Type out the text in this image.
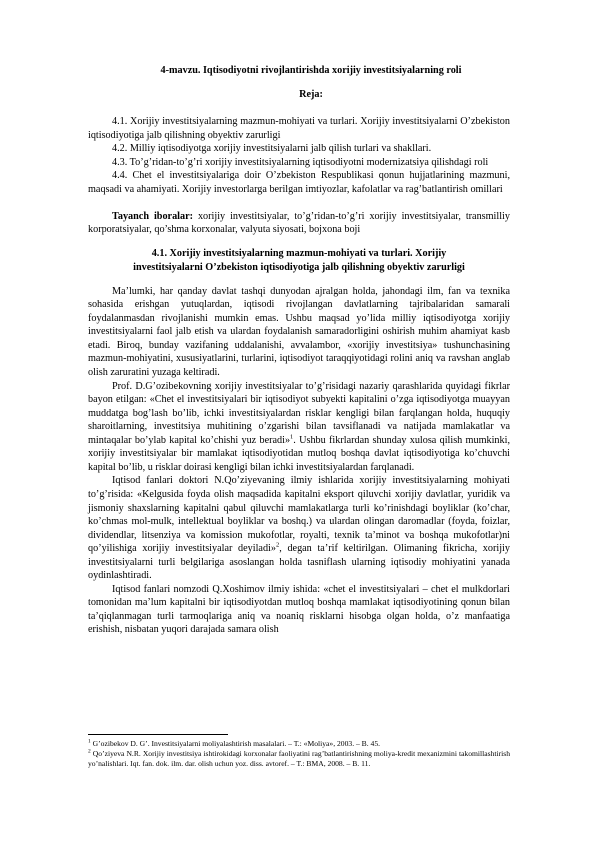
4-mavzu. Iqtisodiyotni rivojlantirishda xorijiy investitsiyalarning roli

Reja:

4.1. Xorijiy investitsiyalarning mazmun-mohiyati va turlari. Xorijiy investitsiyalarni O’zbekiston iqtisodiyotiga jalb qilishning obyektiv zarurligi

4.2. Milliy iqtisodiyotga xorijiy investitsiyalarni jalb qilish turlari va shakllari.

4.3. To’g’ridan-to’g’ri xorijiy investitsiyalarning iqtisodiyotni modernizatsiya qilishdagi roli

4.4. Chet el investitsiyalariga doir O’zbekiston Respublikasi qonun hujjatlarining mazmuni, maqsadi va ahamiyati. Xorijiy investorlarga berilgan imtiyozlar, kafolatlar va rag’batlantirish omillari

Tayanch iboralar: xorijiy investitsiyalar, to’g’ridan-to’g’ri xorijiy investitsiyalar, transmilliy korporatsiyalar, qo’shma korxonalar, valyuta siyosati, bojxona boji

4.1. Xorijiy investitsiyalarning mazmun-mohiyati va turlari. Xorijiy
investitsiyalarni O’zbekiston iqtisodiyotiga jalb qilishning obyektiv zarurligi

Ma’lumki, har qanday davlat tashqi dunyodan ajralgan holda, jahondagi ilm, fan va texnika sohasida erishgan yutuqlardan, iqtisodi rivojlangan davlatlarning tajribalaridan samarali foydalanmasdan rivojlanishi mumkin emas. Ushbu maqsad yo’lida milliy iqtisodiyotga xorijiy investitsiyalarni faol jalb etish va ulardan foydalanish samaradorligini oshirish muhim ahamiyat kasb etadi. Biroq, bunday vazifaning uddalanishi, avvalambor, «xorijiy investitsiya» tushunchasining mazmun-mohiyatini, xususiyatlarini, turlarini, iqtisodiyot taraqqiyotidagi rolini aniq va ravshan anglab olish zaruratini yuzaga keltiradi.

Prof. D.G’ozibekovning xorijiy investitsiyalar to’g’risidagi nazariy qarashlarida quyidagi fikrlar bayon etilgan: «Chet el investitsiyalari bir iqtisodiyot subyekti kapitalini o’zga iqtisodiyotga muayyan muddatga bog’lash bo’lib, ichki investitsiyalardan risklar kengligi bilan farqlangan holda, huquqiy sharoitlarning, investitsiya muhitining o’zgarishi bilan tavsiflanadi va natijada mamlakatlar va mintaqalar bo’ylab kapital ko’chishi yuz beradi»$^1$. Ushbu fikrlardan shunday xulosa qilish mumkinki, xorijiy investitsiyalar bir mamlakat iqtisodiyotidan mutloq boshqa davlat iqtisodiyotiga ko’chuvchi kapital bo’lib, u risklar doirasi kengligi bilan ichki investitsiyalardan farqlanadi.

Iqtisod fanlari doktori N.Qo’ziyevaning ilmiy ishlarida xorijiy investitsiyalarning mohiyati to’g’risida: «Kelgusida foyda olish maqsadida kapitalni eksport qiluvchi xorijiy davlatlar, yuridik va jismoniy shaxslarning kapitalni qabul qiluvchi mamlakatlarga turli ko’rinishdagi boyliklar (ko’char, ko’chmas mol-mulk, intellektual boyliklar va boshq.) va ulardan olingan daromadlar (foyda, foizlar, dividendlar, litsenziya va komission mukofotlar, royalti, texnik ta’minot va boshqa mukofotlar)ni qo’yilishiga xorijiy investitsiyalar deyiladi»$^2$, degan ta’rif keltirilgan. Olimaning fikricha, xorijiy investitsiyalarni turli belgilariga asoslangan holda tasniflash ularning iqtisodiy mohiyatini yanada oydinlashtiradi.

Iqtisod fanlari nomzodi Q.Xoshimov ilmiy ishida: «chet el investitsiyalari – chet el mulkdorlari tomonidan ma’lum kapitalni bir iqtisodiyotdan mutloq boshqa mamlakat iqtisodiyotining qonun bilan ta’qiqlanmagan turli tarmoqlariga aniq va noaniq risklarni hisobga olgan holda, o’z manfaatiga erishish, nisbatan yuqori darajada samara olish

$^1$ G’ozibekov D. G’. Investitsiyalarni moliyalashtirish masalalari. – T.: «Moliya», 2003. – B. 45.

$^2$ Qo’ziyeva N.R. Xorijiy investitsiya ishtirokidagi korxonalar faoliyatini rag’batlantirishning moliya-kredit mexanizmini takomillashtirish yo’nalishlari. Iqt. fan. dok. ilm. dar. olish uchun yoz. diss. avtoref. – T.: BMA, 2008. – B. 11.
